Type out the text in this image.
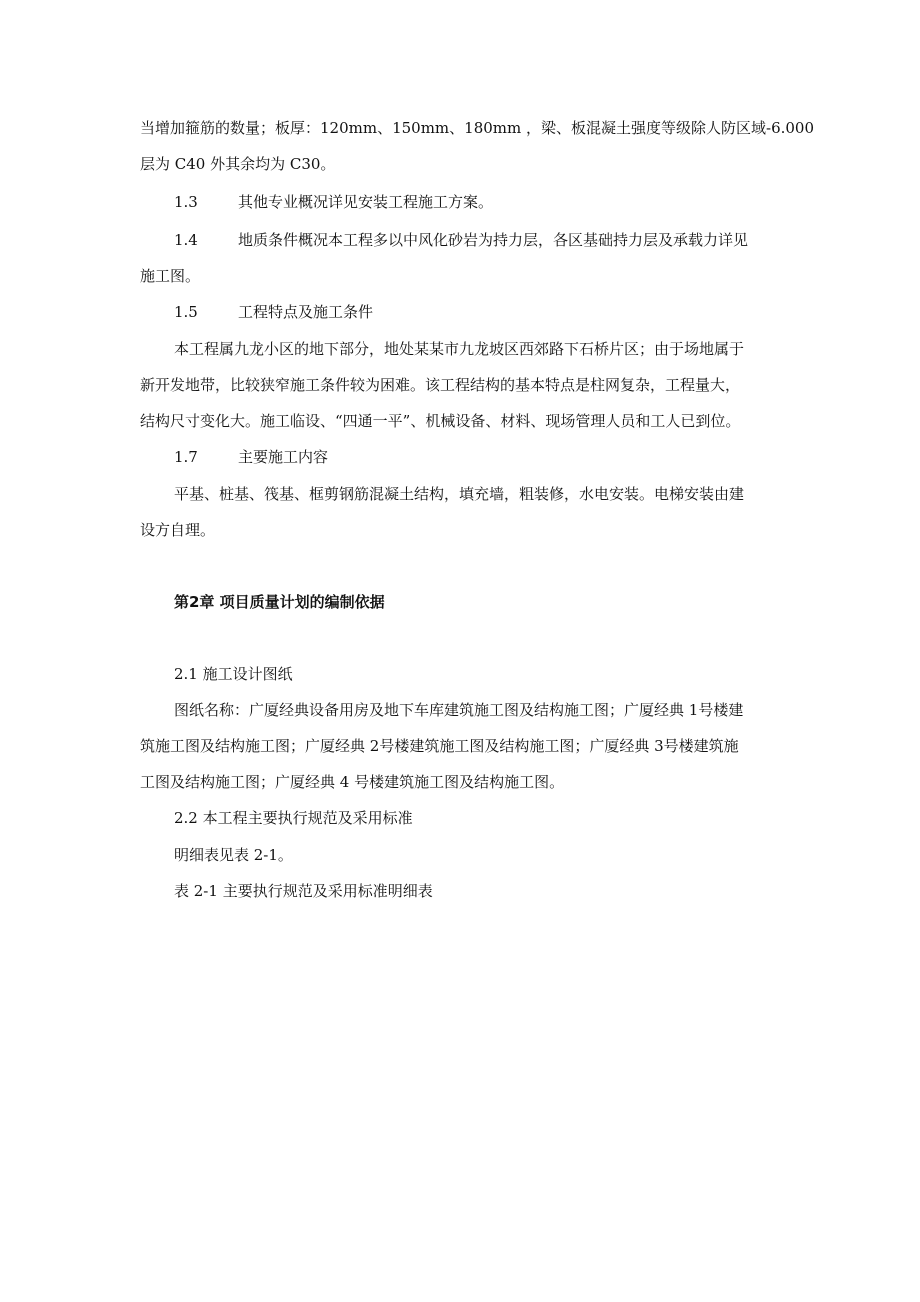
当增加箍筋的数量；板厚：120mm、150mm、180mm ，梁、板混凝土强度等级除人防区域-6.000
层为 C40 外其余均为 C30。
1.3	其他专业概况详见安装工程施工方案。
1.4	地质条件概况本工程多以中风化砂岩为持力层，各区基础持力层及承载力详见
施工图。
1.5	工程特点及施工条件
本工程属九龙小区的地下部分，地处某某市九龙坡区西郊路下石桥片区；由于场地属于
新开发地带，比较狭窄施工条件较为困难。该工程结构的基本特点是柱网复杂，工程量大，
结构尺寸变化大。施工临设、“四通一平”、机械设备、材料、现场管理人员和工人已到位。
1.7	主要施工内容
平基、桩基、筏基、框剪钢筋混凝土结构，填充墙，粗装修，水电安装。电梯安装由建
设方自理。
第2章 项目质量计划的编制依据
2.1 施工设计图纸
图纸名称：广厦经典设备用房及地下车库建筑施工图及结构施工图；广厦经典 1号楼建
筑施工图及结构施工图；广厦经典 2号楼建筑施工图及结构施工图；广厦经典 3号楼建筑施
工图及结构施工图；广厦经典 4 号楼建筑施工图及结构施工图。
2.2 本工程主要执行规范及采用标准
明细表见表 2-1。
表 2-1 主要执行规范及采用标准明细表
